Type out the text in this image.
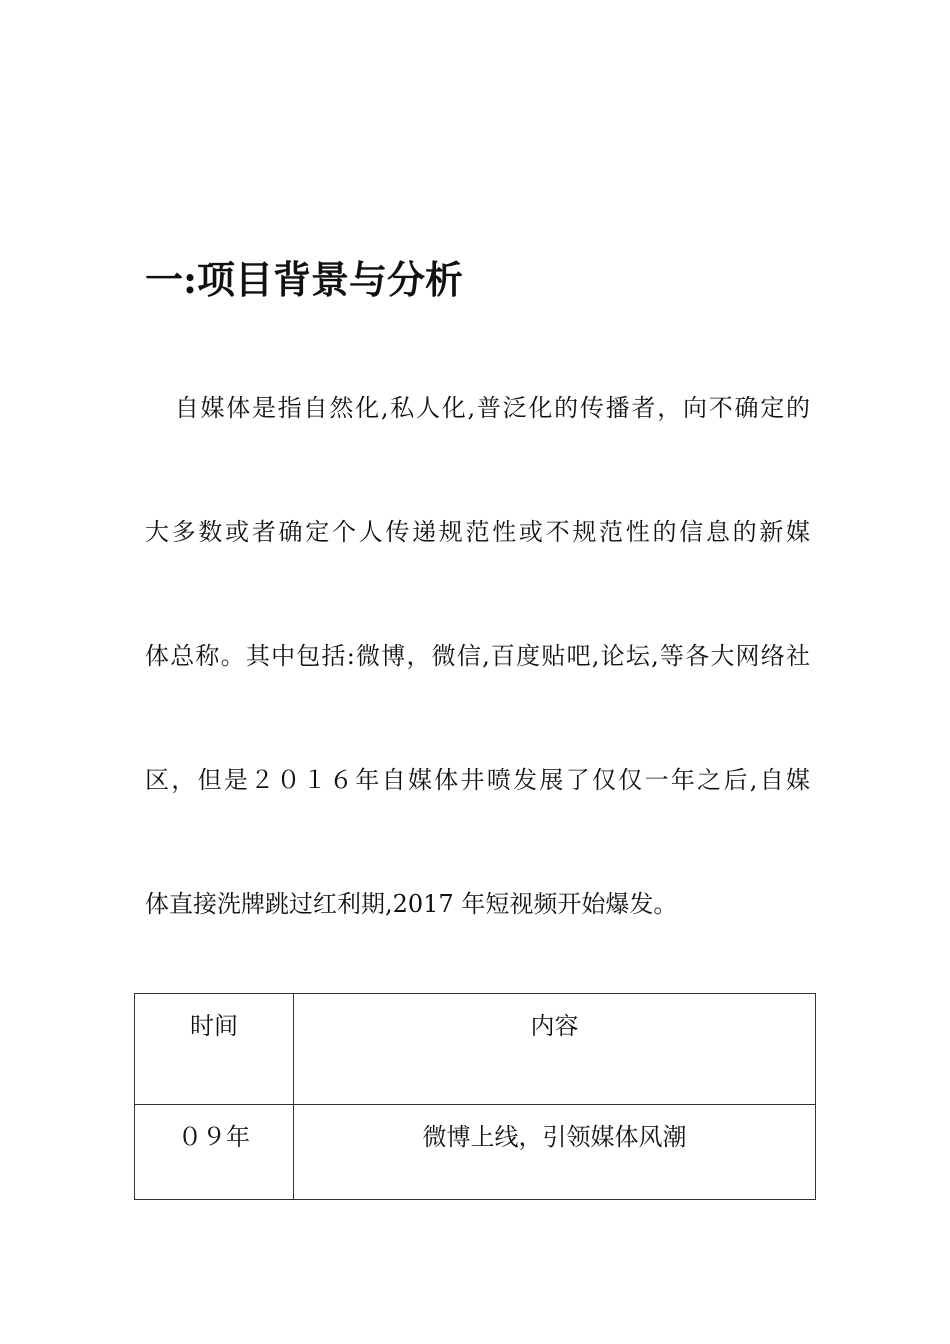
一:项目背景与分析

自媒体是指自然化,私人化,普泛化的传播者，向不确定的

大多数或者确定个人传递规范性或不规范性的信息的新媒

体总称。其中包括:微博，微信,百度贴吧,论坛,等各大网络社

区，但是２０１６年自媒体井喷发展了仅仅一年之后,自媒

体直接洗牌跳过红利期,2017 年短视频开始爆发。

时间	内容
０９年	微博上线，引领媒体风潮
